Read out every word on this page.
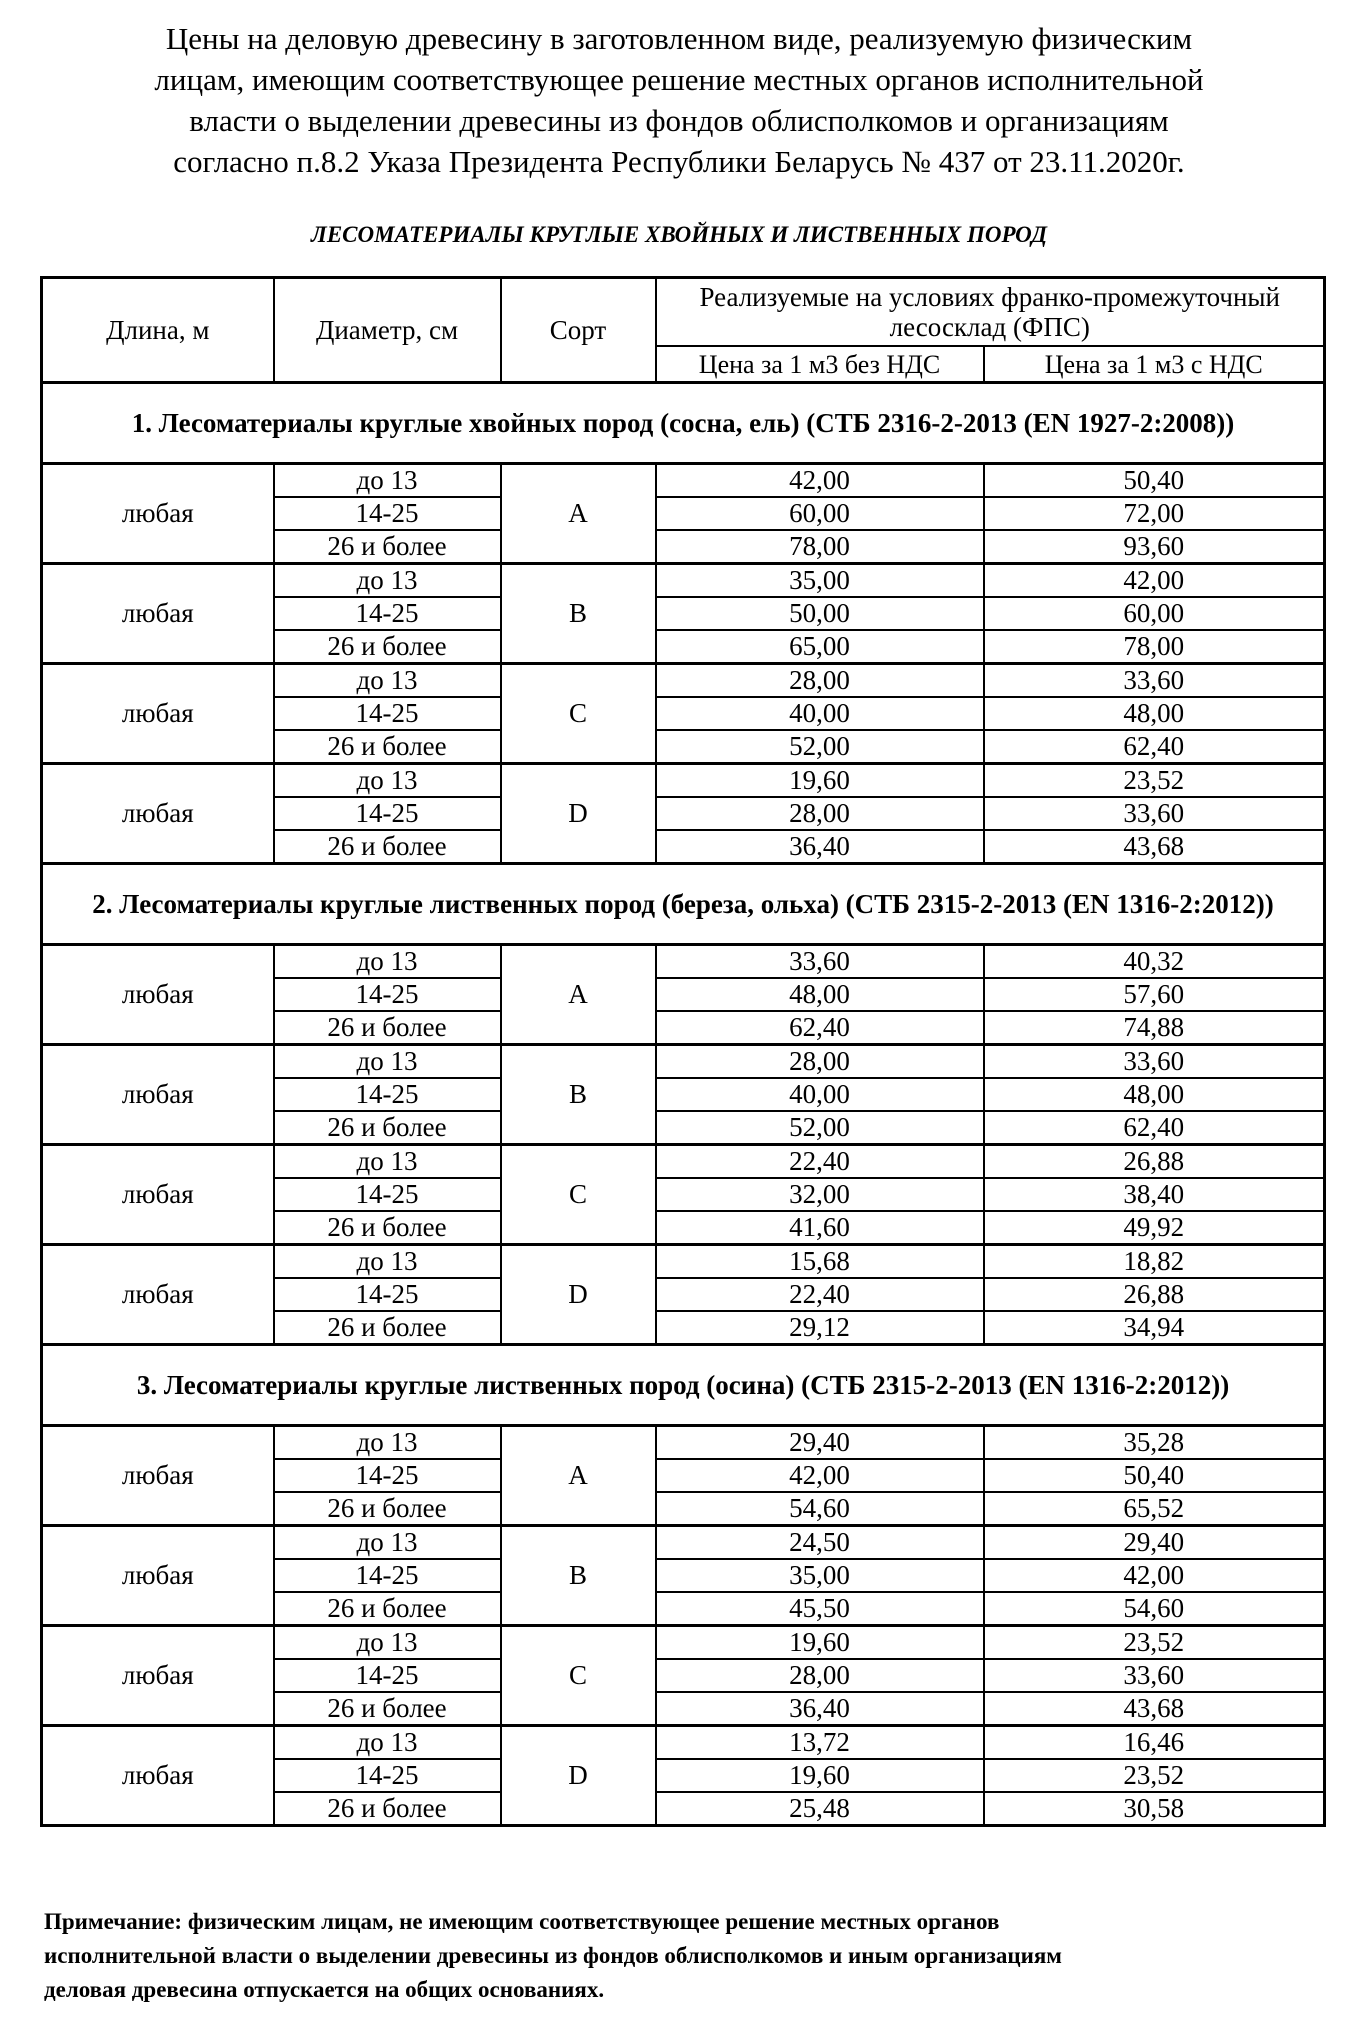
Цены на деловую древесину в заготовленном виде, реализуемую физическим
лицам, имеющим соответствующее решение местных органов исполнительной
власти о выделении древесины из фондов облисполкомов и организациям
согласно п.8.2 Указа Президента Республики Беларусь № 437 от 23.11.2020г.
ЛЕСОМАТЕРИАЛЫ КРУГЛЫЕ ХВОЙНЫХ И ЛИСТВЕННЫХ ПОРОД
Длина, м	Диаметр, см	Сорт	Реализуемые на условиях франко-промежуточный лесосклад (ФПС)	
			Цена за 1 м3 без НДС	Цена за 1 м3 с НДС
1. Лесоматериалы круглые хвойных пород (сосна, ель) (СТБ 2316-2-2013 (EN 1927-2:2008))				
любая	до 13	A	42,00	50,40
	14-25		60,00	72,00
	26 и более		78,00	93,60
любая	до 13	B	35,00	42,00
	14-25		50,00	60,00
	26 и более		65,00	78,00
любая	до 13	C	28,00	33,60
	14-25		40,00	48,00
	26 и более		52,00	62,40
любая	до 13	D	19,60	23,52
	14-25		28,00	33,60
	26 и более		36,40	43,68
2. Лесоматериалы круглые лиственных пород (береза, ольха) (СТБ 2315-2-2013 (EN 1316-2:2012))				
любая	до 13	A	33,60	40,32
	14-25		48,00	57,60
	26 и более		62,40	74,88
любая	до 13	B	28,00	33,60
	14-25		40,00	48,00
	26 и более		52,00	62,40
любая	до 13	C	22,40	26,88
	14-25		32,00	38,40
	26 и более		41,60	49,92
любая	до 13	D	15,68	18,82
	14-25		22,40	26,88
	26 и более		29,12	34,94
3. Лесоматериалы круглые лиственных пород (осина) (СТБ 2315-2-2013 (EN 1316-2:2012))				
любая	до 13	A	29,40	35,28
	14-25		42,00	50,40
	26 и более		54,60	65,52
любая	до 13	B	24,50	29,40
	14-25		35,00	42,00
	26 и более		45,50	54,60
любая	до 13	C	19,60	23,52
	14-25		28,00	33,60
	26 и более		36,40	43,68
любая	до 13	D	13,72	16,46
	14-25		19,60	23,52
	26 и более		25,48	30,58
Примечание: физическим лицам, не имеющим соответствующее решение местных органов
исполнительной власти о выделении древесины из фондов облисполкомов и иным организациям
деловая древесина отпускается на общих основаниях.
